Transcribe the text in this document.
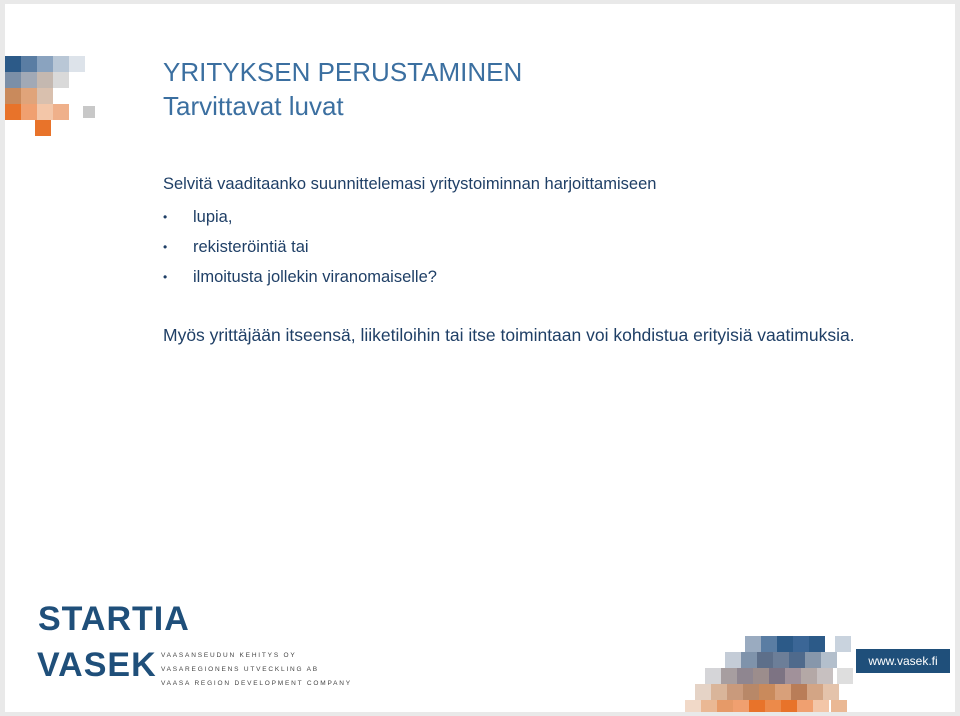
YRITYKSEN PERUSTAMINEN
Tarvittavat luvat

Selvitä vaaditaanko suunnittelemasi yritystoiminnan harjoittamiseen

• lupia,
• rekisteröintiä tai
• ilmoitusta jollekin viranomaiselle?

Myös yrittäjään itseensä, liiketiloihin tai itse toimintaan voi kohdistua erityisiä vaatimuksia.

STARTIA
VASEK VAASANSEUDUN KEHITYS OY
VASAREGIONENS UTVECKLING AB
VAASA REGION DEVELOPMENT COMPANY
www.vasek.fi
